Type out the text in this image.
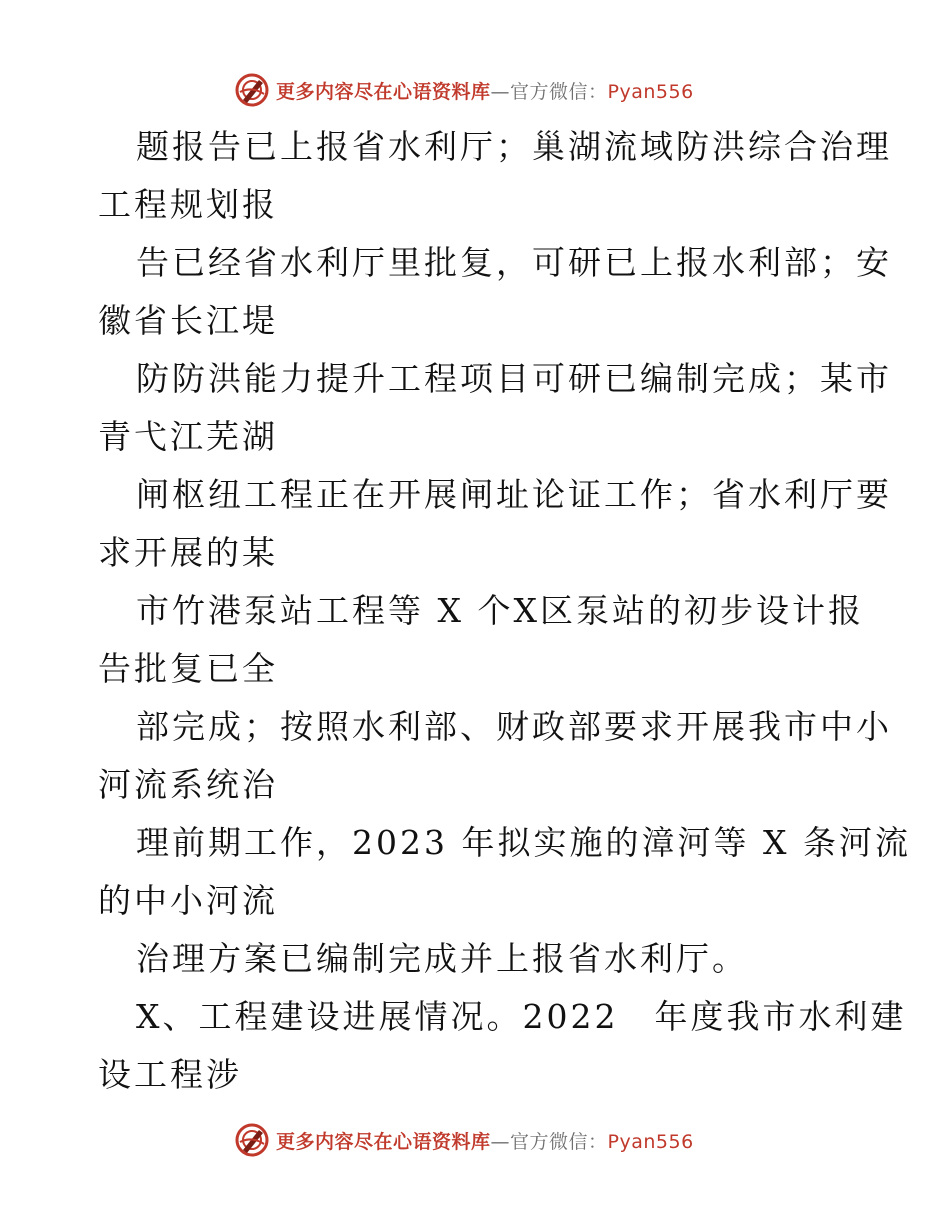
更多内容尽在心语资料库—官方微信：Pyan556

题报告已上报省水利厅；巢湖流域防洪综合治理
工程规划报

告已经省水利厅里批复，可研已上报水利部；安
徽省长江堤

防防洪能力提升工程项目可研已编制完成；某市
青弋江芜湖

闸枢纽工程正在开展闸址论证工作；省水利厅要
求开展的某

市竹港泵站工程等 X 个X区泵站的初步设计报
告批复已全

部完成；按照水利部、财政部要求开展我市中小
河流系统治

理前期工作，2023 年拟实施的漳河等 X 条河流
的中小河流

治理方案已编制完成并上报省水利厅。

X、工程建设进展情况。2022　年度我市水利建
设工程涉

更多内容尽在心语资料库—官方微信：Pyan556
